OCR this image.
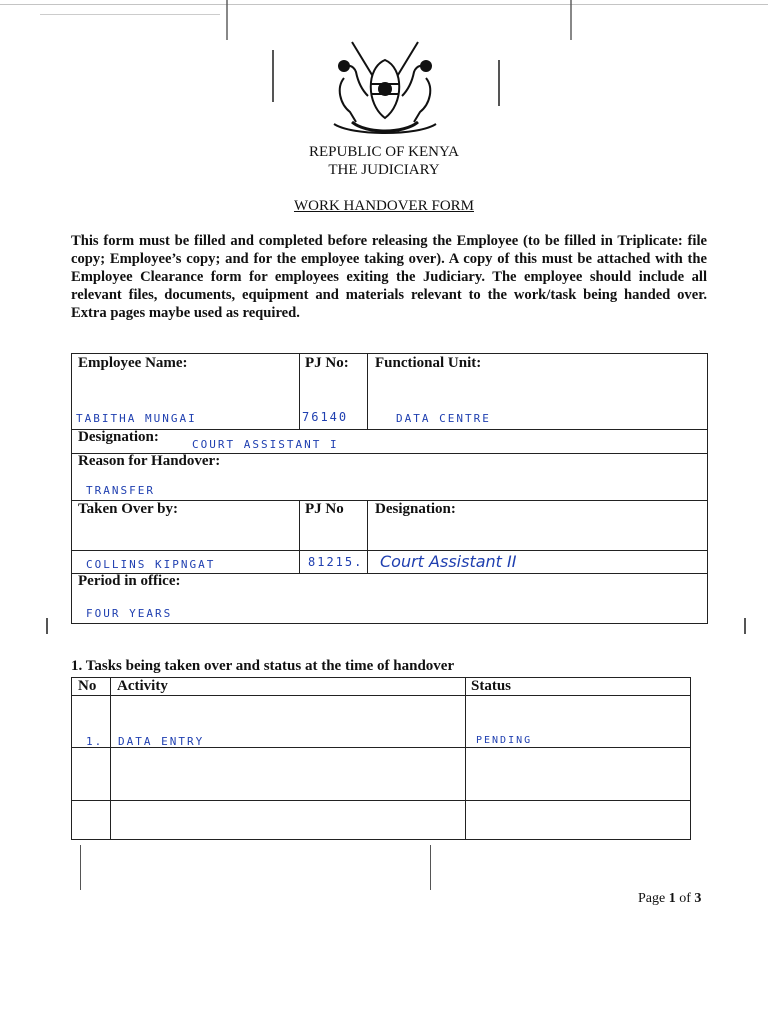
REPUBLIC OF KENYA
THE JUDICIARY
WORK HANDOVER FORM
This form must be filled and completed before releasing the Employee (to be filled in Triplicate: file copy; Employee’s copy; and for the employee taking over). A copy of this must be attached with the Employee Clearance form for employees exiting the Judiciary. The employee should include all relevant files, documents, equipment and materials relevant to the work/task being handed over. Extra pages maybe used as required.
Employee Name:	PJ No: Functional Unit:
TABITHA MUNGAI	76140	DATA CENTRE
Designation:	COURT ASSISTANT I
Reason for Handover:
TRANSFER
Taken Over by:	PJ No Designation:
COLLINS KIPNGAT	81215. Court Assistant II
Period in office:
FOUR YEARS
1. Tasks being taken over and status at the time of handover
No Activity	Status
1. DATA ENTRY	PENDING
Page 1 of 3
